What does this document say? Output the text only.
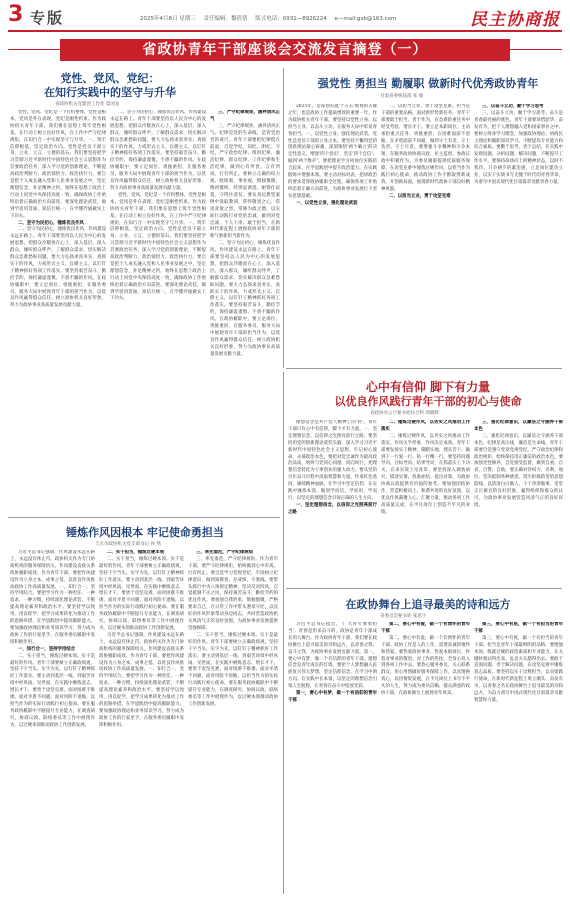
3 专版	2025年4月8日 星期三 责任编辑：黎倩倩 版式电话：0931—8926224 e—mail:gsb@163.com	民主协商报
省政协青年干部座谈会交流发言摘登（一）
党性、党风、党纪：
在知行实践中的坚守与升华
省政协机关党建团工作处 夏国龙

党性、党风、党纪是一个有机整体，党性是根本，党风是外在表现，党纪是刚性约束。作为政协机关青年干部，我们要在思想上筑牢党性根基，在行动上树立良好作风，在工作中严守纪律规矩，在知行合一中实现坚守与升华。一、筑牢信仰根基，坚定政治方向。党性是党员干部立身、立业、立言、立德的基石。我们要坚持把学习贯彻习近平新时代中国特色社会主义思想作为首要政治任务，深入学习党的创新理论，不断提高政治判断力、政治领悟力、政治执行力。要自觉把个人成长融入党和人民事业发展之中，坚定理想信念，补足精神之钙，始终在思想上政治上行动上同党中央保持高度一致，确保政协工作始终沿着正确政治方向前进。要深化理论武装，做到学思用贯通、知信行统一，在学懂弄通做实上下功夫。

二、坚守为民初心，锤炼优良作风

二、坚守为民初心，锤炼优良作风。作风建设永远在路上。青年干部要坚持以人民为中心的发展思想，把群众冷暖放在心上，深入基层、深入群众，倾听群众呼声，了解群众需求，切实解决群众急难愁盼问题。要大力弘扬求真务实、真抓实干的作风，力戒形式主义、官僚主义，以钉钉子精神抓好各项工作落实。要坚持艰苦奋斗、勤俭节约，保持谦虚谨慎、不骄不躁的作风。在政协履职中，要立足岗位、勇挑重担，在服务委员、服务大局中展现青年干部的担当作为，以优良作风赢得群众信任，树立政协机关良好形象，努力为政协事业高质量发展贡献力量。

二、坚守为民初心，锤炼优良作风。作风建设永远在路上。青年干部要坚持以人民为中心的发展思想，把群众冷暖放在心上，深入基层、深入群众，倾听群众呼声，了解群众需求，切实解决群众急难愁盼问题。要大力弘扬求真务实、真抓实干的作风，力戒形式主义、官僚主义，以钉钉子精神抓好各项工作落实。要坚持艰苦奋斗、勤俭节约，保持谦虚谨慎、不骄不躁的作风。在政协履职中，要立足岗位、勇挑重担，在服务委员、服务大局中展现青年干部的担当作为，以优良作风赢得群众信任，树立政协机关良好形象，努力为政协事业高质量发展贡献力量。

党性、党风、党纪是一个有机整体，党性是根本，党风是外在表现，党纪是刚性约束。作为政协机关青年干部，我们要在思想上筑牢党性根基，在行动上树立良好作风，在工作中严守纪律规矩，在知行合一中实现坚守与升华。一、筑牢信仰根基，坚定政治方向。党性是党员干部立身、立业、立言、立德的基石。我们要坚持把学习贯彻习近平新时代中国特色社会主义思想作为首要政治任务，深入学习党的创新理论，不断提高政治判断力、政治领悟力、政治执行力。要自觉把个人成长融入党和人民事业发展之中，坚定理想信念，补足精神之钙，始终在思想上政治上行动上同党中央保持高度一致，确保政协工作始终沿着正确政治方向前进。要深化理论武装，做到学思用贯通、知信行统一，在学懂弄通做实上下功夫。

三、严守纪律规矩，涵养清风正气

三、严守纪律规矩，涵养清风正气。纪律是党的生命线，是管党治党的戒尺。青年干部要把纪律挺在前面，自觉学纪、知纪、明纪、守纪，严守政治纪律、组织纪律、廉洁纪律、群众纪律、工作纪律和生活纪律，做到心有所畏、言有所戒、行有所止。要树立正确的权力观、政绩观、事业观，慎独慎微、慎初慎终，经得起诱惑，耐得住寂寞，守得住清贫。要从身边典型案例中汲取教训，常怀敬畏之心，常思贪欲之害，常修为政之德，以实际行动践行对党的忠诚，做到对党忠诚、个人干净、敢于担当，在新时代新征程上展现政协青年干部的新气象新担当新作为。

二、坚守为民初心，锤炼优良作风。作风建设永远在路上。青年干部要坚持以人民为中心的发展思想，把群众冷暖放在心上，深入基层、深入群众，倾听群众呼声，了解群众需求，切实解决群众急难愁盼问题。要大力弘扬求真务实、真抓实干的作风，力戒形式主义、官僚主义，以钉钉子精神抓好各项工作落实。要坚持艰苦奋斗、勤俭节约，保持谦虚谨慎、不骄不躁的作风。在政协履职中，要立足岗位、勇挑重担，在服务委员、服务大局中展现青年干部的担当作为，以优良作风赢得群众信任，树立政协机关良好形象，努力为政协事业高质量发展贡献力量。

强党性 勇担当 勤履职 做新时代优秀政协青年
甘肃省委统战部 张 敏

2025年，是谋划实施'十五五'规划的关键之年，也是政协工作提质增效的重要一年。作为政协机关青年干部，要坚持以党性立身、以担当立业、以奋斗立功，在服务大局中彰显青春担当。一、以党性立身，强化理论武装。党性是党员干部的立身之本。要坚持不懈用党的创新理论凝心铸魂，深刻领悟'两个确立'的决定性意义，增强'四个意识'、坚定'四个自信'、做到'两个维护'。要把理论学习同岗位实践结合起来，在学思践悟中提升政治能力，在实践锻炼中增强本领。要主动对标对表，把讲政治的要求贯穿政协履职全过程，确保各项工作始终沿着正确方向前进，为政协事业发展打下坚实思想基础。

一、以党性立身，强化理论武装

二、以担当立业，勇于攻坚克难。担当是干部的重要品格。面对新形势新任务，青年干部要敢于担当、善于作为，在急难险重任务中经受考验、增长才干。要立足本职岗位，主动承担重点任务，勇挑重担，在困难面前不退缩，在矛盾面前不回避，做到守土有责、守土负责、守土尽责。要增强斗争精神和斗争本领，在服务政协协商议政、民主监督、参政议政中积极作为，为委员履职提供优质服务保障，在攻坚克难中锤炼过硬作风，以担当作为践行初心使命，推动政协工作不断取得新成效、开创新局面，展现新时代政协干部良好精神风貌。

二、以担当立业，勇于攻坚克难

三、以奋斗立功，勤于学习思考

三、以奋斗立功，勤于学习思考。奋斗是青春最亮丽的底色。青年干部要珍惜韶华、奋发有为，把个人理想融入党和国家事业之中。要树立终身学习理念，加强政协理论、协商民主理论和履职知识学习，不断提高专业能力和综合素质。要勤于思考、善于总结，在实践中发现问题、分析问题、解决问题，不断提升工作水平。要保持昂扬向上的精神状态，以时不我待、只争朝夕的紧迫感，立足岗位建功立业，以实干实绩书写无愧于时代的青春华章，为谱写中国式现代化甘肃篇章贡献青春力量。

心中有信仰 脚下有力量
以优良作风践行青年干部的初心与使命
省政协办公厅秘书处综合科 周晓辉

理想信念是共产党人精神上的'钙'。青年干部只有心中有信仰，脚下才有力量。一、坚定理想信念，以信仰之光照亮前行之路。要坚持用党的创新理论武装头脑，深入学习习近平新时代中国特色社会主义思想，牢记初心使命，永葆政治本色。要把对党忠诚作为最高政治品质，始终与党同心同德、同向同行，把理想信念转化为干事创业的强大动力。要从党的百年奋斗历程中汲取智慧和力量，传承红色基因，赓续精神血脉，在学习中坚定信仰，在实践中锤炼本领，做到学而信、学而用、学而行，以坚定的理想信念引领正确的人生方向。

一、坚定理想信念，以信仰之光照亮前行之路

二、锤炼过硬作风，以务实之风推动工作落实

二、锤炼过硬作风，以务实之风推动工作落实。作风关乎形象，作风决定成效。青年干部要发扬实干精神，脚踏实地、埋头苦干，做到干一行爱一行、钻一行精一行。要坚持问题导向、目标导向、结果导向，在抓落实上下功夫，在求实效上见真章。要坚持深入调查研究，摸清实情、找准症结、提出对策，为政协协商议政提供有价值的参考。要加强团结协作，营造积极向上、和谐共进的良好氛围，以优良作风凝聚人心、汇聚力量，推动各项工作高质量完成，在平凡岗位上创造不平凡的业绩。

三、强化纪律意识，以廉洁之守涵养干部本色

三、强化纪律意识，以廉洁之守涵养干部本色。纪律是高压线，廉洁是生命线。青年干部要自觉遵守党章党规党纪，严守政治纪律和政治规矩，始终保持清正廉洁的政治本色。要加强党性修养，自觉接受监督，做到自重、自省、自警、自励。要正确对待权力、名利、地位，坚决抵制各种诱惑，筑牢拒腐防变的思想防线，以清清白白做人、干干净净做事、堂堂正正做官的良好形象，赢得组织和群众的认可，为政协事业发展营造风清气正的良好环境。

锤炼作风因根本 牢记使命勇担当
天水市政协机关党支部书记 孙 然

习近平总书记强调，作风建设永远在路上，永远没有休止符。政协机关作为专门协商机构的服务保障机关，作风建设直接关系政协履职成效。作为青年干部，要把作风建设作为立身之本、成事之基，以优良作风推动政协工作高质量发展。一、知行合一，坚持学用结合。要把学习作为一种责任、一种追求、一种习惯，持续深化理论武装，不断提高理论素养和政治水平。要坚持学以致用、用以促学，把学习成果转化为推动工作的思路举措，在学思践悟中提高履职能力。要加强政协理论和业务知识学习，努力成为政协工作的行家里手，在服务委员履职中发挥积极作用。

一、知行合一，坚持学用结合

二、实干担当，锤炼过硬本领。实干是最好的作风。青年干部要树立正确政绩观，坚持干字当头、实字为先，以钉钉子精神抓好工作落实。要主动到基层一线、到艰苦环境中经风雨、见世面，在实践中磨练意志、增长才干。要勇于攻坚克难，面对困难不推诿、面对矛盾不回避、面对风险不退缩，以担当作为的实际行动践行初心使命。要在服务政协履职中不断提升专业能力，在调查研究、协商议政、联络委员等工作中展现作为，以过硬本领推动政协工作创新发展。

二、实干担当，锤炼过硬本领

二、实干担当，锤炼过硬本领。实干是最好的作风。青年干部要树立正确政绩观，坚持干字当头、实字为先，以钉钉子精神抓好工作落实。要主动到基层一线、到艰苦环境中经风雨、见世面，在实践中磨练意志、增长才干。要勇于攻坚克难，面对困难不推诿、面对矛盾不回避、面对风险不退缩，以担当作为的实际行动践行初心使命。要在服务政协履职中不断提升专业能力，在调查研究、协商议政、联络委员等工作中展现作为，以过硬本领推动政协工作创新发展。

习近平总书记强调，作风建设永远在路上，永远没有休止符。政协机关作为专门协商机构的服务保障机关，作风建设直接关系政协履职成效。作为青年干部，要把作风建设作为立身之本、成事之基，以优良作风推动政协工作高质量发展。一、知行合一，坚持学用结合。要把学习作为一种责任、一种追求、一种习惯，持续深化理论武装，不断提高理论素养和政治水平。要坚持学以致用、用以促学，把学习成果转化为推动工作的思路举措，在学思践悟中提高履职能力。要加强政协理论和业务知识学习，努力成为政协工作的行家里手，在服务委员履职中发挥积极作用。

三、率先垂范，严守纪律规矩

三、率先垂范，严守纪律规矩。作为青年干部，要严守纪律规矩，始终做到心中有戒、行有所止。要自觉学习党规党纪，牢固树立纪律意识，做到知敬畏、存戒惧、守底线。要带头践行中央八项规定精神，坚决反对四风，自觉抵制不正之风，保持艰苦奋斗、勤俭节约的优良作风。要加强自我约束，慎独慎微，严格要求自己，在日常工作中带头遵章守纪，以良好的作风形象带动身边同志，共同营造政协机关风清气正的良好氛围，为政协事业发展提供坚强保障。

二、实干担当，锤炼过硬本领。实干是最好的作风。青年干部要树立正确政绩观，坚持干字当头、实字为先，以钉钉子精神抓好工作落实。要主动到基层一线、到艰苦环境中经风雨、见世面，在实践中磨练意志、增长才干。要勇于攻坚克难，面对困难不推诿、面对矛盾不回避、面对风险不退缩，以担当作为的实际行动践行初心使命。要在服务政协履职中不断提升专业能力，在调查研究、协商议政、联络委员等工作中展现作为，以过硬本领推动政协工作创新发展。

在政协舞台上追寻最美的诗和远方
省委员会秘书处 张思宇

习近平总书记指出，'广大青年要勇担当'。青春是用来奋斗的，政协是青年干部成长的大舞台。作为政协青年干部，我们要在政协舞台上追寻最美的诗和远方，以青春之我、奋斗之我，为政协事业发展贡献力量。第一，要心中有梦，做一个有信仰的青年干部。理想信念是青年成长的灯塔，要把个人梦想融入民族复兴伟大梦想，坚定信仰信念，在学习中明方向、在实践中长本领，以坚定的理想信念引领人生航程，让青春在奋斗中绽放光彩。

第一，要心中有梦，做一个有信仰的青年干部

第二，要心中有爱，做一个有情怀的青年干部

第二，要心中有爱，做一个有情怀的青年干部。政协工作是人的工作，需要真诚的情怀和热爱。要热爱政协事业、热爱本职岗位，怀着对事业的敬畏、对工作的热忱，全身心投入到各项工作中去。要热心服务委员、关心联系群众，用心用情做好服务保障工作，以真情换真心，以热情促发展，在平凡岗位上书写不平凡的人生，努力成为委员信赖、群众满意的政协干部，在政协舞台上展现青年风采。

第三，要心中有底，做一个有担当的青年干部

第三，要心中有底，做一个有担当的青年干部。担当是青年干部最鲜明的品格。要增强本领，练就过硬的政治素质和专业能力，在关键时刻站得出来、危急关头豁得出去。要敢于直面问题、善于解决问题，在攻坚克难中锤炼意志品质。要坚持以实干诠释担当，以实绩践行使命，在新时代新征程上勇立潮头、奋发有为，以青春之名在政协舞台上追寻最美的诗和远方，为奋力谱写中国式现代化甘肃篇章贡献智慧和力量。
